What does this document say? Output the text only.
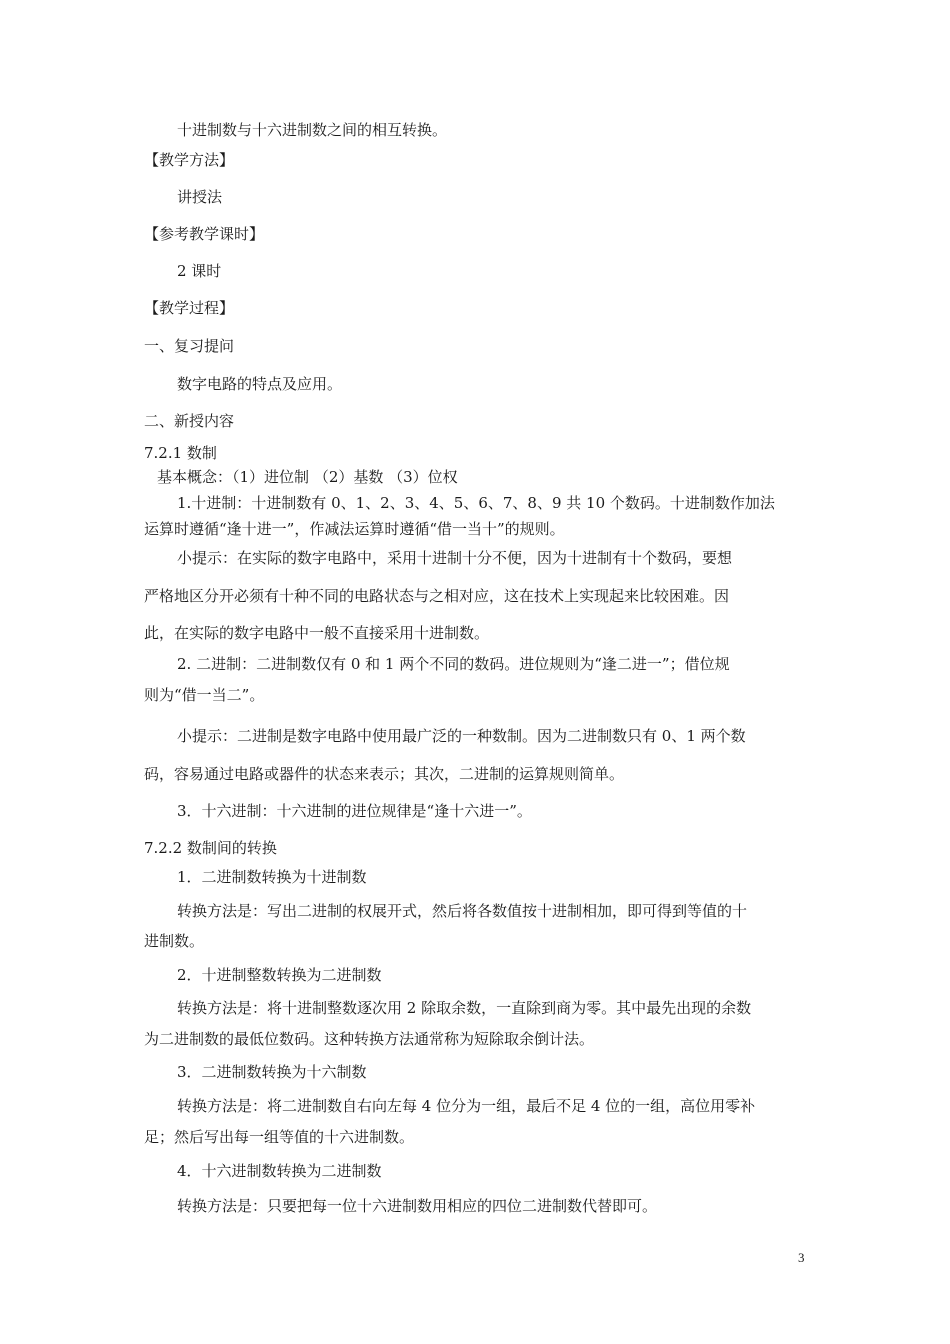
十进制数与十六进制数之间的相互转换。
【教学方法】
讲授法
【参考教学课时】
2 课时
【教学过程】
一、复习提问
数字电路的特点及应用。
二、新授内容
7.2.1 数制
基本概念：（1）进位制 （2）基数 （3）位权
1.十进制：十进制数有 0、1、2、3、4、5、6、7、8、9 共 10 个数码。十进制数作加法
运算时遵循“逢十进一”，作减法运算时遵循“借一当十”的规则。
小提示：在实际的数字电路中，采用十进制十分不便，因为十进制有十个数码，要想
严格地区分开必须有十种不同的电路状态与之相对应，这在技术上实现起来比较困难。因
此，在实际的数字电路中一般不直接采用十进制数。
2. 二进制：二进制数仅有 0 和 1 两个不同的数码。进位规则为“逢二进一”；借位规
则为“借一当二”。
小提示：二进制是数字电路中使用最广泛的一种数制。因为二进制数只有 0、1 两个数
码，容易通过电路或器件的状态来表示；其次，二进制的运算规则简单。
3．十六进制：十六进制的进位规律是“逢十六进一”。
7.2.2 数制间的转换
1．二进制数转换为十进制数
转换方法是：写出二进制的权展开式，然后将各数值按十进制相加，即可得到等值的十
进制数。
2．十进制整数转换为二进制数
转换方法是：将十进制整数逐次用 2 除取余数，一直除到商为零。其中最先出现的余数
为二进制数的最低位数码。这种转换方法通常称为短除取余倒计法。
3．二进制数转换为十六制数
转换方法是：将二进制数自右向左每 4 位分为一组，最后不足 4 位的一组，高位用零补
足；然后写出每一组等值的十六进制数。
4．十六进制数转换为二进制数
转换方法是：只要把每一位十六进制数用相应的四位二进制数代替即可。
3
